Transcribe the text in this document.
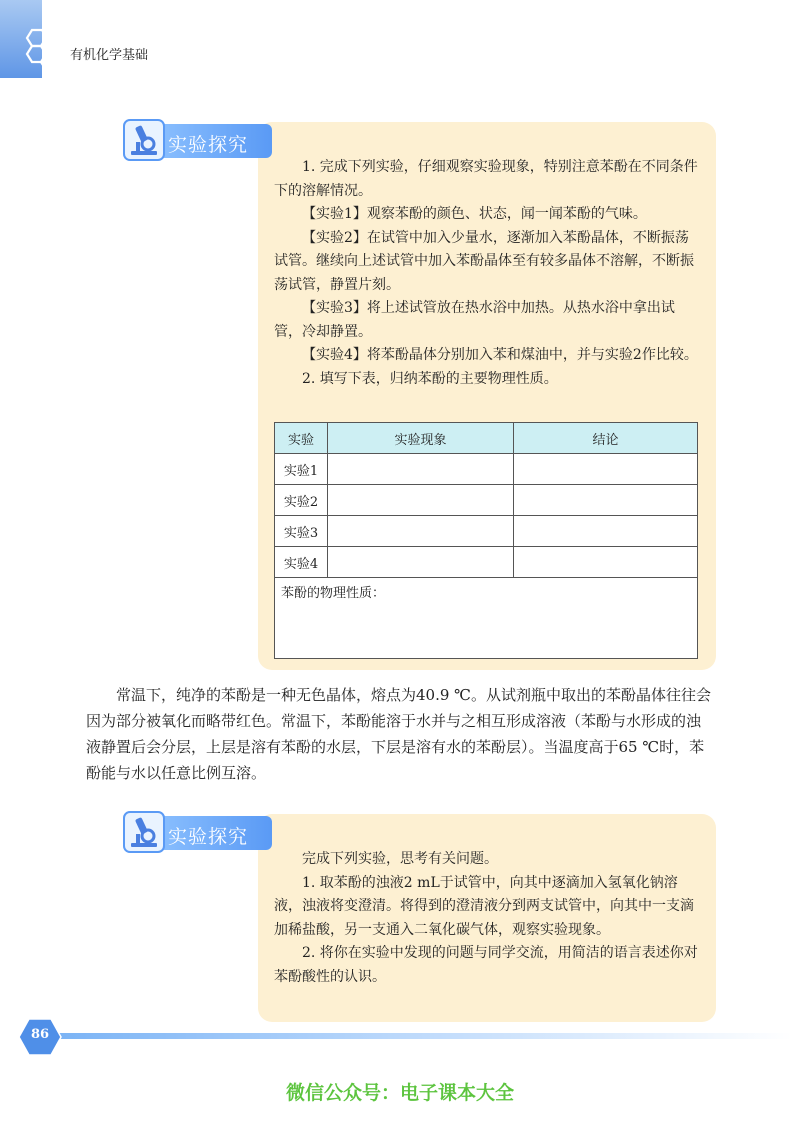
有机化学基础
实验探究

1. 完成下列实验，仔细观察实验现象，特别注意苯酚在不同条件下的溶解情况。

【实验1】观察苯酚的颜色、状态，闻一闻苯酚的气味。

【实验2】在试管中加入少量水，逐渐加入苯酚晶体，不断振荡试管。继续向上述试管中加入苯酚晶体至有较多晶体不溶解，不断振荡试管，静置片刻。

【实验3】将上述试管放在热水浴中加热。从热水浴中拿出试管，冷却静置。

【实验4】将苯酚晶体分别加入苯和煤油中，并与实验2作比较。

2. 填写下表，归纳苯酚的主要物理性质。

实验	实验现象	结论
实验1		
实验2		
实验3		
实验4		
苯酚的物理性质：		

常温下，纯净的苯酚是一种无色晶体，熔点为40.9 ℃。从试剂瓶中取出的苯酚晶体往往会因为部分被氧化而略带红色。常温下，苯酚能溶于水并与之相互形成溶液（苯酚与水形成的浊液静置后会分层，上层是溶有苯酚的水层，下层是溶有水的苯酚层）。当温度高于65 ℃时，苯酚能与水以任意比例互溶。

实验探究

完成下列实验，思考有关问题。

1. 取苯酚的浊液2 mL于试管中，向其中逐滴加入氢氧化钠溶液，浊液将变澄清。将得到的澄清液分到两支试管中，向其中一支滴加稀盐酸，另一支通入二氧化碳气体，观察实验现象。

2. 将你在实验中发现的问题与同学交流，用简洁的语言表述你对苯酚酸性的认识。

86
微信公众号：电子课本大全
